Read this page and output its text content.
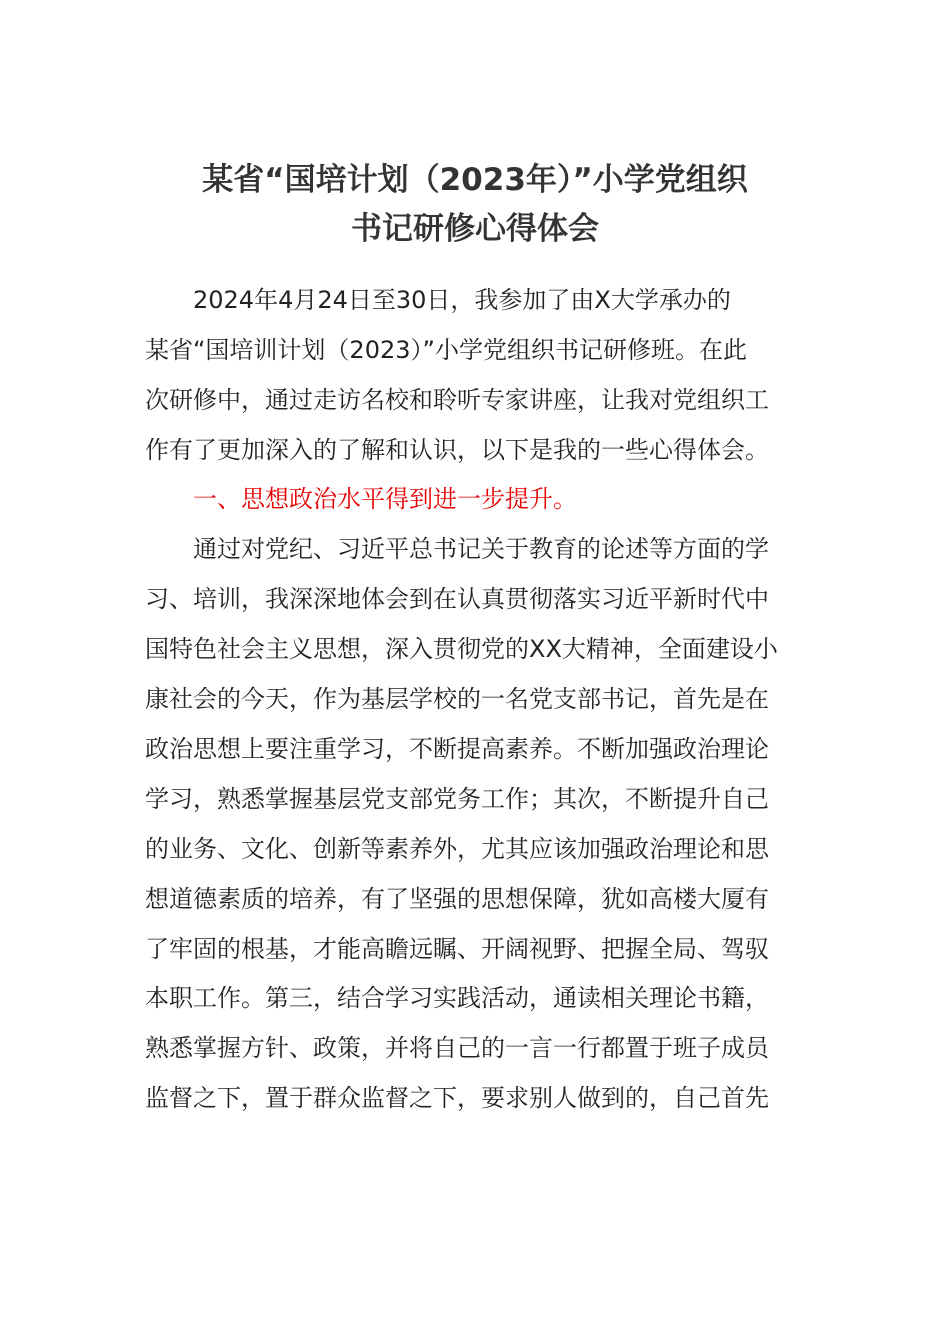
某省“国培计划（2023年）”小学党组织
书记研修心得体会
　　2024年4月24日至30日，我参加了由X大学承办的
某省“国培训计划（2023）”小学党组织书记研修班。在此
次研修中，通过走访名校和聆听专家讲座，让我对党组织工
作有了更加深入的了解和认识，以下是我的一些心得体会。
　　一、思想政治水平得到进一步提升。
　　通过对党纪、习近平总书记关于教育的论述等方面的学
习、培训，我深深地体会到在认真贯彻落实习近平新时代中
国特色社会主义思想，深入贯彻党的XX大精神，全面建设小
康社会的今天，作为基层学校的一名党支部书记，首先是在
政治思想上要注重学习，不断提高素养。不断加强政治理论
学习，熟悉掌握基层党支部党务工作；其次，不断提升自己
的业务、文化、创新等素养外，尤其应该加强政治理论和思
想道德素质的培养，有了坚强的思想保障，犹如高楼大厦有
了牢固的根基，才能高瞻远瞩、开阔视野、把握全局、驾驭
本职工作。第三，结合学习实践活动，通读相关理论书籍，
熟悉掌握方针、政策，并将自己的一言一行都置于班子成员
监督之下，置于群众监督之下，要求别人做到的，自己首先
